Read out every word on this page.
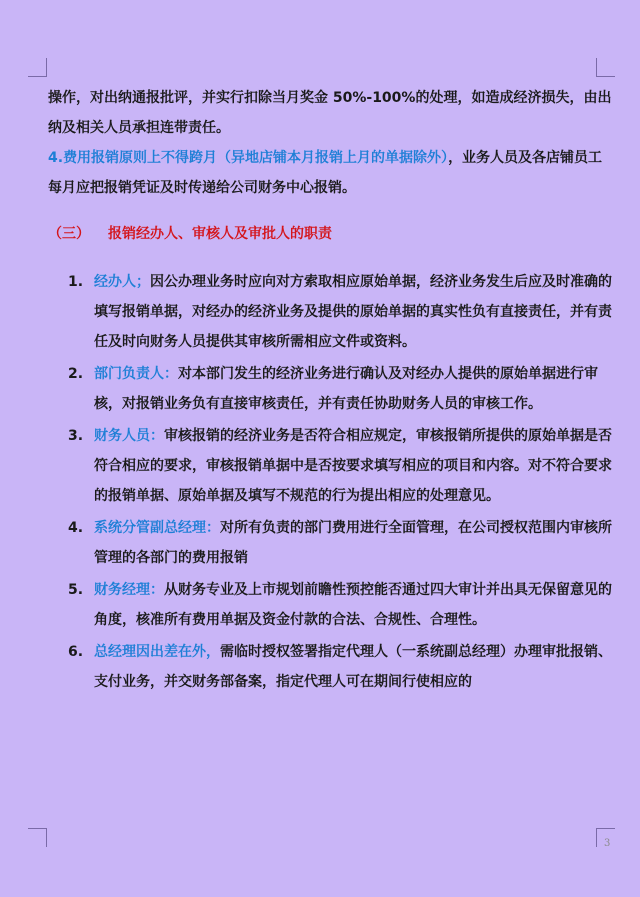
操作，对出纳通报批评，并实行扣除当月奖金 50%-100%的处理，如造成经济损失，由出纳及相关人员承担连带责任。

4.费用报销原则上不得跨月（异地店铺本月报销上月的单据除外），业务人员及各店铺员工每月应把报销凭证及时传递给公司财务中心报销。

（三） 报销经办人、审核人及审批人的职责
1. 经办人；因公办理业务时应向对方索取相应原始单据，经济业务发生后应及时准确的填写报销单据，对经办的经济业务及提供的原始单据的真实性负有直接责任，并有责任及时向财务人员提供其审核所需相应文件或资料。
2. 部门负责人：对本部门发生的经济业务进行确认及对经办人提供的原始单据进行审核，对报销业务负有直接审核责任，并有责任协助财务人员的审核工作。
3. 财务人员：审核报销的经济业务是否符合相应规定，审核报销所提供的原始单据是否符合相应的要求，审核报销单据中是否按要求填写相应的项目和内容。对不符合要求的报销单据、原始单据及填写不规范的行为提出相应的处理意见。
4. 系统分管副总经理：对所有负责的部门费用进行全面管理，在公司授权范围内审核所管理的各部门的费用报销
5. 财务经理：从财务专业及上市规划前瞻性预控能否通过四大审计并出具无保留意见的角度，核准所有费用单据及资金付款的合法、合规性、合理性。
6. 总经理因出差在外，需临时授权签署指定代理人（一系统副总经理）办理审批报销、支付业务，并交财务部备案，指定代理人可在期间行使相应的
3
